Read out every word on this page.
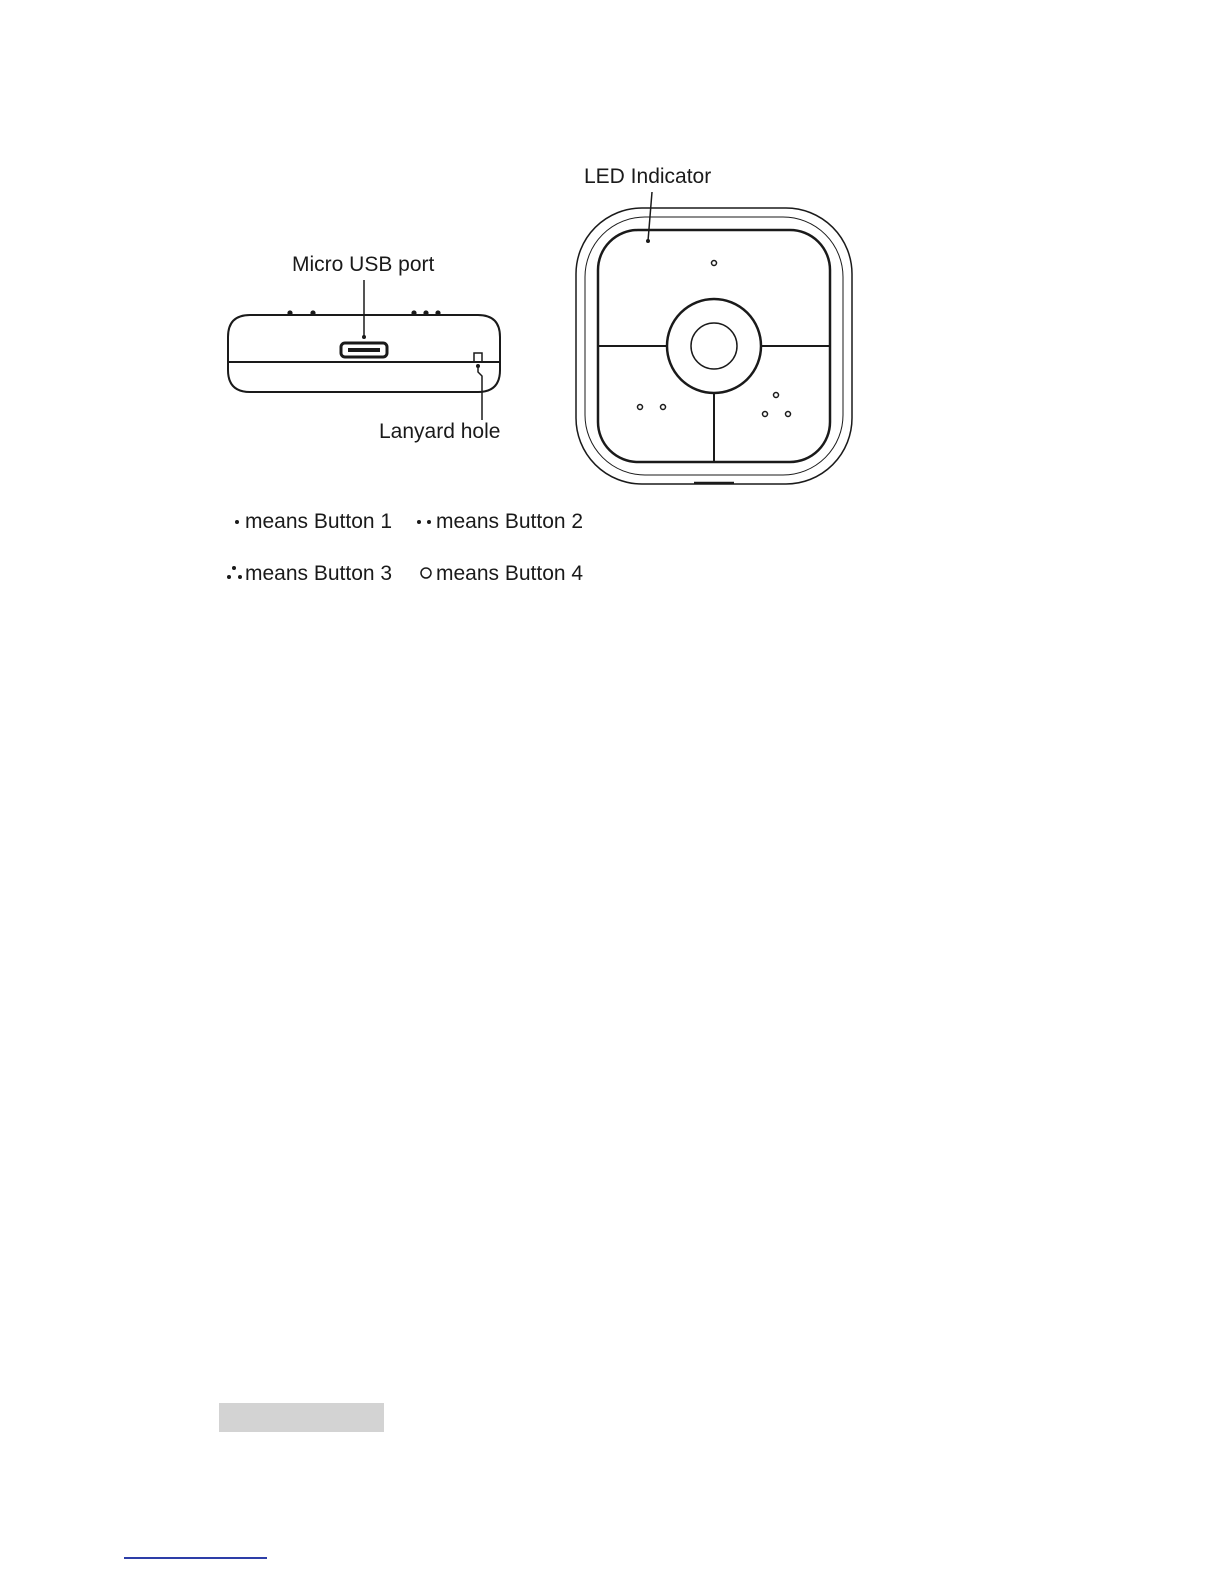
LED Indicator
Micro USB port
Lanyard hole
means Button 1 means Button 2
means Button 3 means Button 4
